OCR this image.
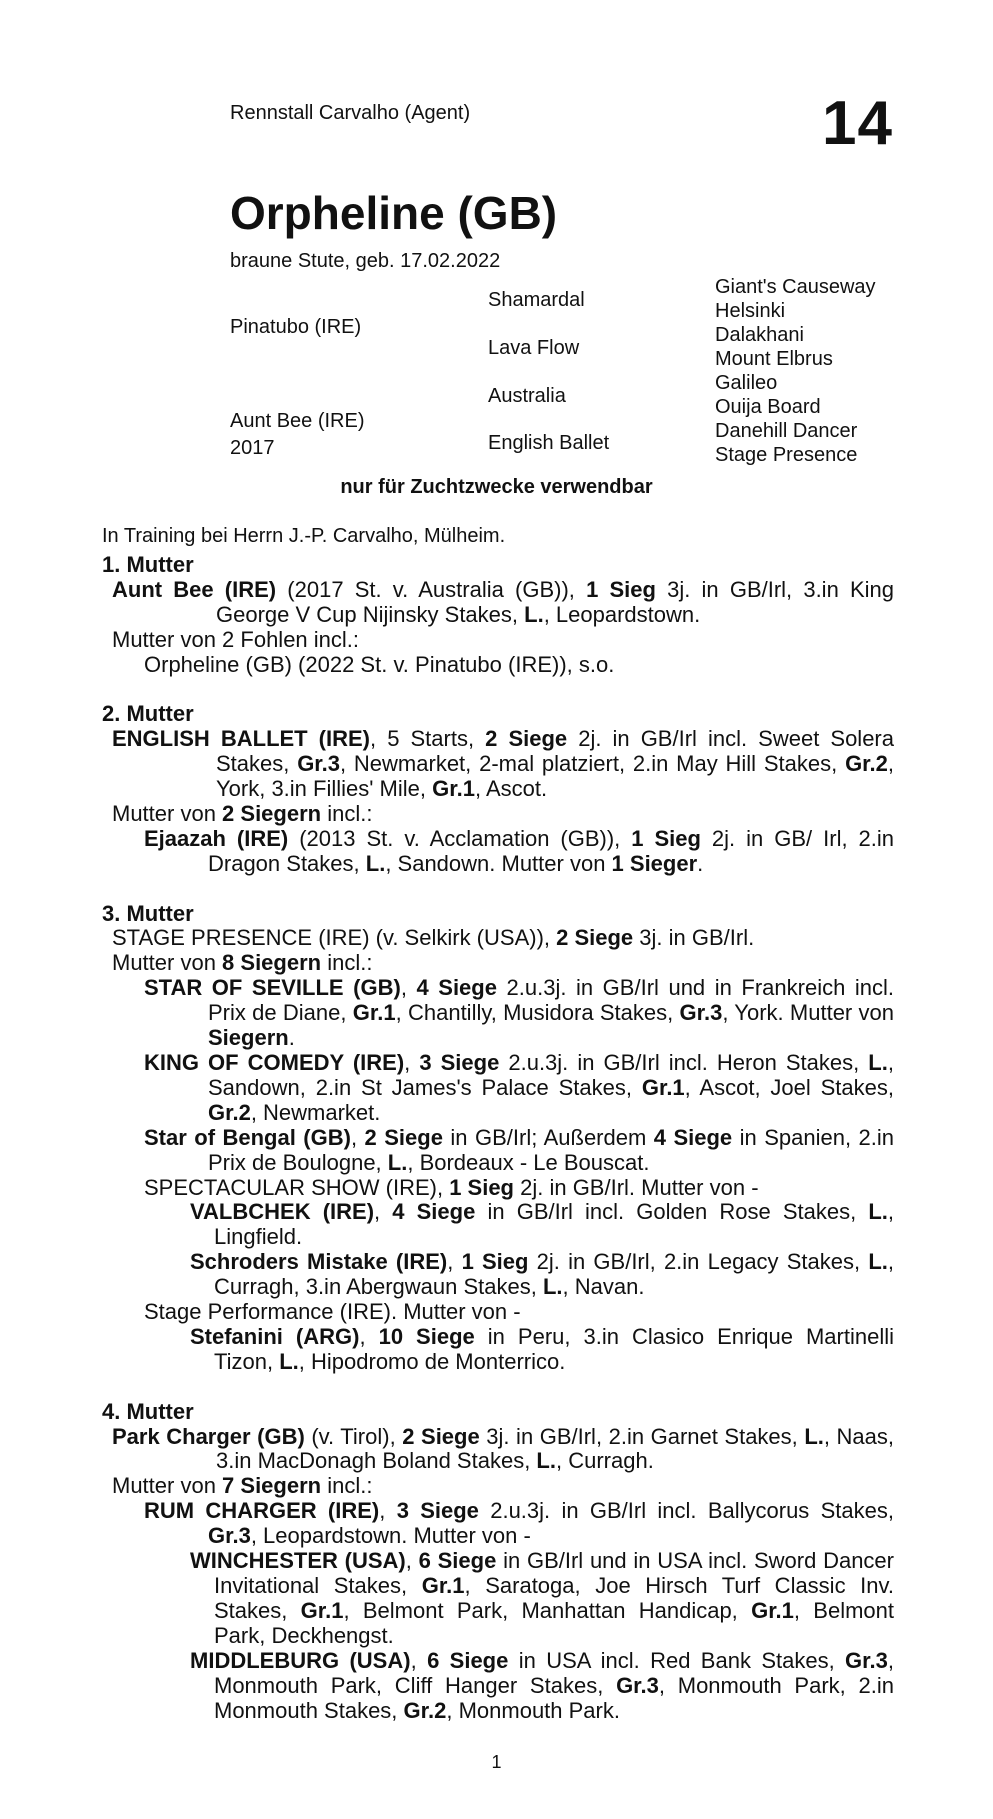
Rennstall Carvalho (Agent)	14
Orpheline (GB)
braune Stute, geb. 17.02.2022
Pinatubo (IRE)
Aunt Bee (IRE)
2017
Shamardal
Lava Flow
Australia
English Ballet
Giant's Causeway
Helsinki
Dalakhani
Mount Elbrus
Galileo
Ouija Board
Danehill Dancer
Stage Presence
nur für Zuchtzwecke verwendbar
In Training bei Herrn J.-P. Carvalho, Mülheim.
1. Mutter
Aunt Bee (IRE) (2017 St. v. Australia (GB)), 1 Sieg 3j. in GB/Irl, 3.in King George V Cup Nijinsky Stakes, L., Leopardstown.
Mutter von 2 Fohlen incl.:
Orpheline (GB) (2022 St. v. Pinatubo (IRE)), s.o.
2. Mutter
ENGLISH BALLET (IRE), 5 Starts, 2 Siege 2j. in GB/Irl incl. Sweet Solera Stakes, Gr.3, Newmarket, 2-mal platziert, 2.in May Hill Stakes, Gr.2, York, 3.in Fillies' Mile, Gr.1, Ascot.
Mutter von 2 Siegern incl.:
Ejaazah (IRE) (2013 St. v. Acclamation (GB)), 1 Sieg 2j. in GB/ Irl, 2.in Dragon Stakes, L., Sandown. Mutter von 1 Sieger.
3. Mutter
STAGE PRESENCE (IRE) (v. Selkirk (USA)), 2 Siege 3j. in GB/Irl.
Mutter von 8 Siegern incl.:
STAR OF SEVILLE (GB), 4 Siege 2.u.3j. in GB/Irl und in Frankreich incl. Prix de Diane, Gr.1, Chantilly, Musidora Stakes, Gr.3, York. Mutter von Siegern.
KING OF COMEDY (IRE), 3 Siege 2.u.3j. in GB/Irl incl. Heron Stakes, L., Sandown, 2.in St James's Palace Stakes, Gr.1, Ascot, Joel Stakes, Gr.2, Newmarket.
Star of Bengal (GB), 2 Siege in GB/Irl; Außerdem 4 Siege in Spanien, 2.in Prix de Boulogne, L., Bordeaux - Le Bouscat.
SPECTACULAR SHOW (IRE), 1 Sieg 2j. in GB/Irl. Mutter von -
VALBCHEK (IRE), 4 Siege in GB/Irl incl. Golden Rose Stakes, L., Lingfield.
Schroders Mistake (IRE), 1 Sieg 2j. in GB/Irl, 2.in Legacy Stakes, L., Curragh, 3.in Abergwaun Stakes, L., Navan.
Stage Performance (IRE). Mutter von -
Stefanini (ARG), 10 Siege in Peru, 3.in Clasico Enrique Martinelli Tizon, L., Hipodromo de Monterrico.
4. Mutter
Park Charger (GB) (v. Tirol), 2 Siege 3j. in GB/Irl, 2.in Garnet Stakes, L., Naas, 3.in MacDonagh Boland Stakes, L., Curragh.
Mutter von 7 Siegern incl.:
RUM CHARGER (IRE), 3 Siege 2.u.3j. in GB/Irl incl. Ballycorus Stakes, Gr.3, Leopardstown. Mutter von -
WINCHESTER (USA), 6 Siege in GB/Irl und in USA incl. Sword Dancer Invitational Stakes, Gr.1, Saratoga, Joe Hirsch Turf Classic Inv. Stakes, Gr.1, Belmont Park, Manhattan Handicap, Gr.1, Belmont Park, Deckhengst.
MIDDLEBURG (USA), 6 Siege in USA incl. Red Bank Stakes, Gr.3, Monmouth Park, Cliff Hanger Stakes, Gr.3, Monmouth Park, 2.in Monmouth Stakes, Gr.2, Monmouth Park.
1
